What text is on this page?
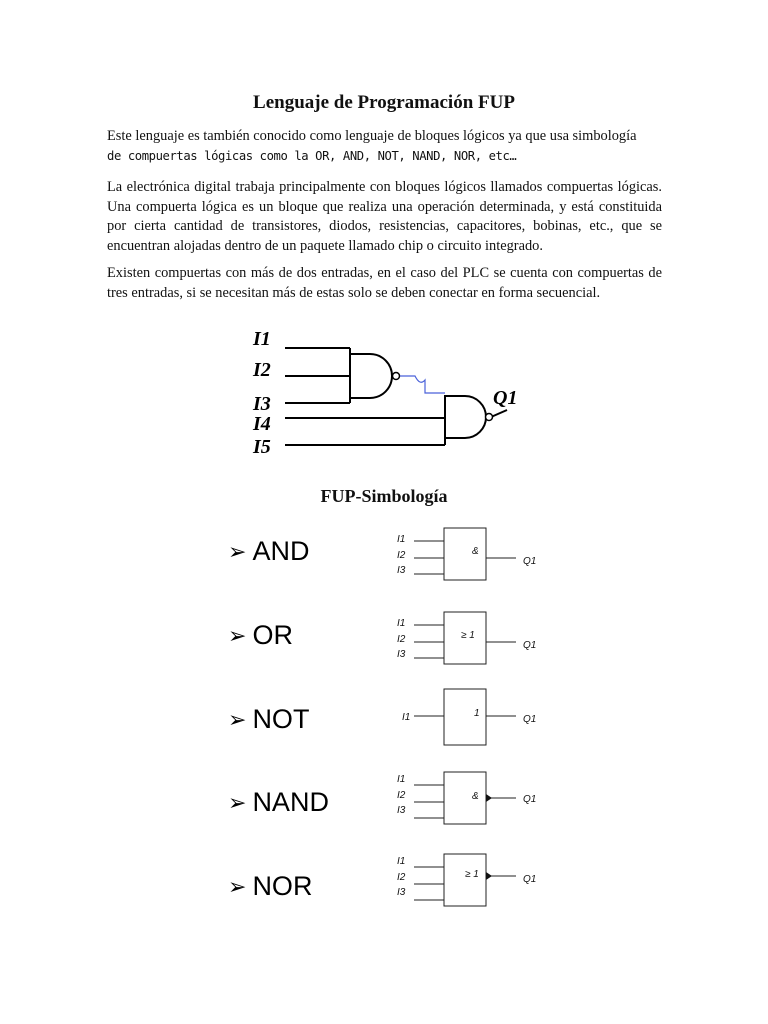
Lenguaje de Programación FUP

Este lenguaje es también conocido como lenguaje de bloques lógicos ya que usa simbología
de compuertas lógicas como la OR, AND, NOT, NAND, NOR, etc…

La electrónica digital trabaja principalmente con bloques lógicos llamados compuertas lógicas. Una compuerta lógica es un bloque que realiza una operación determinada, y está constituida por cierta cantidad de transistores, diodos, resistencias, capacitores, bobinas, etc., que se encuentran alojadas dentro de un paquete llamado chip o circuito integrado.

Existen compuertas con más de dos entradas, en el caso del PLC se cuenta con compuertas de tres entradas, si se necesitan más de estas solo se deben conectar en forma secuencial.

I1
I2
I3
I4
I5
Q1
FUP-Simbología
➢ AND
➢ OR
➢ NOT
➢ NAND
➢ NOR
I1
I2
I3
&
Q1
I1
I2
I3
≥ 1
Q1
I1	1
Q1
I1
I2
I3
&	Q1
I1
I2
I3
≥ 1	Q1
